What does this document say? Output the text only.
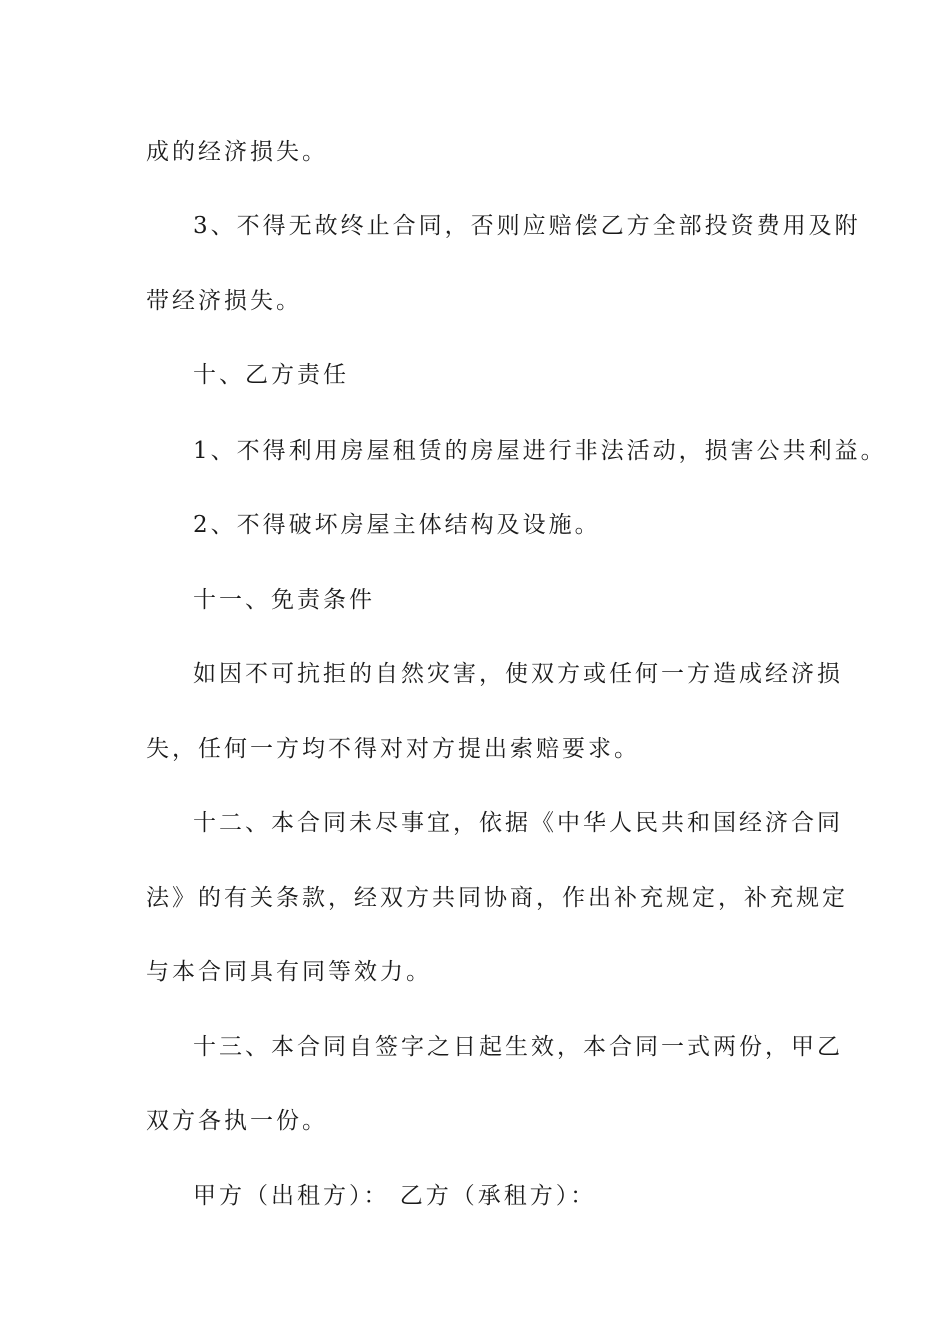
成的经济损失。
3、不得无故终止合同，否则应赔偿乙方全部投资费用及附
带经济损失。
十、乙方责任
1、不得利用房屋租赁的房屋进行非法活动，损害公共利益。
2、不得破坏房屋主体结构及设施。
十一、免责条件
如因不可抗拒的自然灾害，使双方或任何一方造成经济损
失，任何一方均不得对对方提出索赔要求。
十二、本合同未尽事宜，依据《中华人民共和国经济合同
法》的有关条款，经双方共同协商，作出补充规定，补充规定
与本合同具有同等效力。
十三、本合同自签字之日起生效，本合同一式两份，甲乙
双方各执一份。
甲方（出租方）： 乙方（承租方）：
